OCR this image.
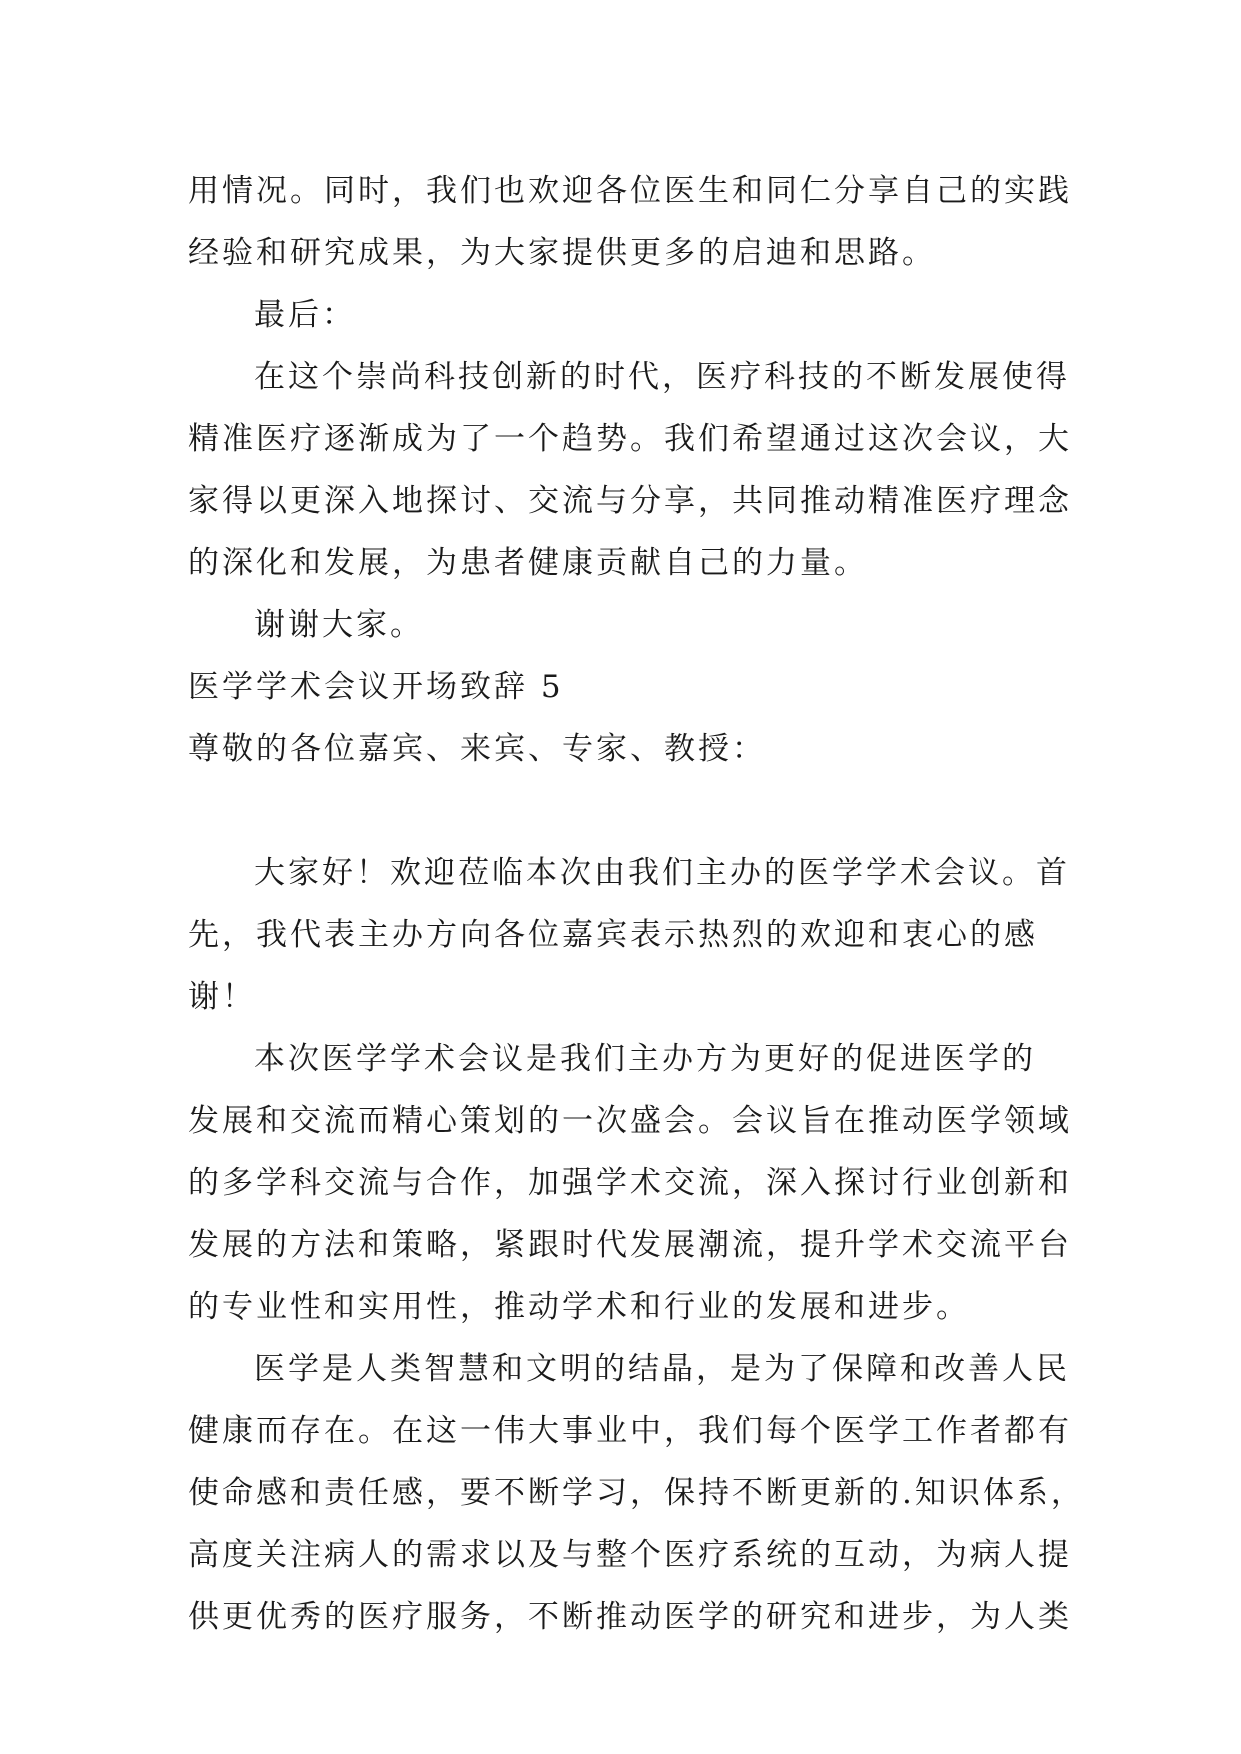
用情况。同时，我们也欢迎各位医生和同仁分享自己的实践
经验和研究成果，为大家提供更多的启迪和思路。
最后：
在这个崇尚科技创新的时代，医疗科技的不断发展使得
精准医疗逐渐成为了一个趋势。我们希望通过这次会议，大
家得以更深入地探讨、交流与分享，共同推动精准医疗理念
的深化和发展，为患者健康贡献自己的力量。
谢谢大家。
医学学术会议开场致辞 5
尊敬的各位嘉宾、来宾、专家、教授：
大家好！欢迎莅临本次由我们主办的医学学术会议。首
先，我代表主办方向各位嘉宾表示热烈的欢迎和衷心的感
谢！
本次医学学术会议是我们主办方为更好的促进医学的
发展和交流而精心策划的一次盛会。会议旨在推动医学领域
的多学科交流与合作，加强学术交流，深入探讨行业创新和
发展的方法和策略，紧跟时代发展潮流，提升学术交流平台
的专业性和实用性，推动学术和行业的发展和进步。
医学是人类智慧和文明的结晶，是为了保障和改善人民
健康而存在。在这一伟大事业中，我们每个医学工作者都有
使命感和责任感，要不断学习，保持不断更新的.知识体系，
高度关注病人的需求以及与整个医疗系统的互动，为病人提
供更优秀的医疗服务，不断推动医学的研究和进步，为人类
